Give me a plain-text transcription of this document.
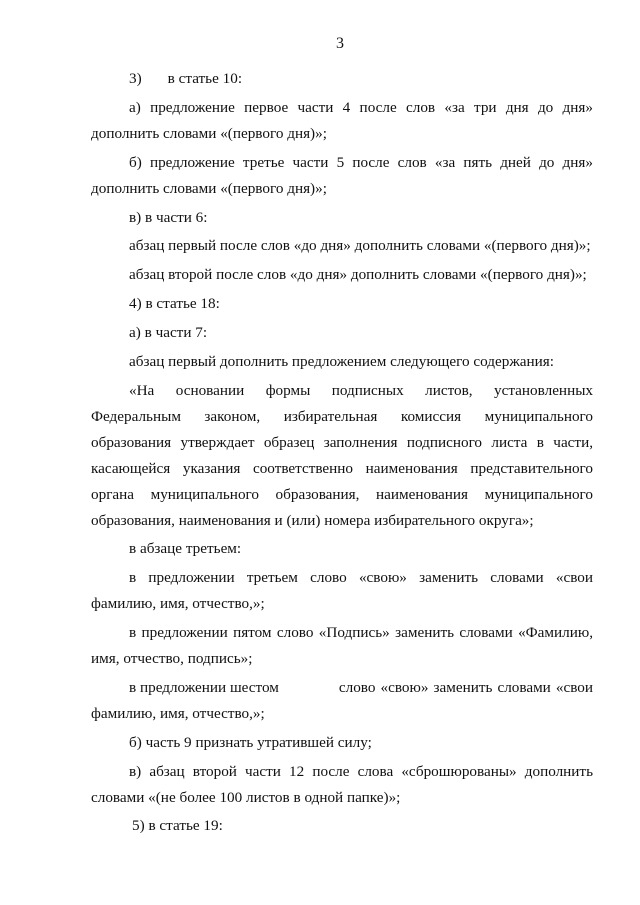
3
3) в статье 10:
а) предложение первое части 4 после слов «за три дня до дня»
дополнить словами «(первого дня)»;
б) предложение третье части 5 после слов «за пять дней до дня»
дополнить словами «(первого дня)»;
в) в части 6:
абзац первый после слов «до дня» дополнить словами «(первого дня)»;
абзац второй после слов «до дня» дополнить словами «(первого дня)»;
4) в статье 18:
а) в части 7:
абзац первый дополнить предложением следующего содержания:
«На основании формы подписных листов, установленных
Федеральным законом, избирательная комиссия муниципального
образования утверждает образец заполнения подписного листа в части,
касающейся указания соответственно наименования представительного
органа муниципального образования, наименования муниципального
образования, наименования и (или) номера избирательного округа»;
в абзаце третьем:
в предложении третьем слово «свою» заменить словами «свои
фамилию, имя, отчество,»;
в предложении пятом слово «Подпись» заменить словами «Фамилию,
имя, отчество, подпись»;
в предложении шестом	слово «свою» заменить словами «свои
фамилию, имя, отчество,»;
б) часть 9 признать утратившей силу;
в) абзац второй части 12 после слова «сброшюрованы» дополнить
словами «(не более 100 листов в одной папке)»;
5) в статье 19:
